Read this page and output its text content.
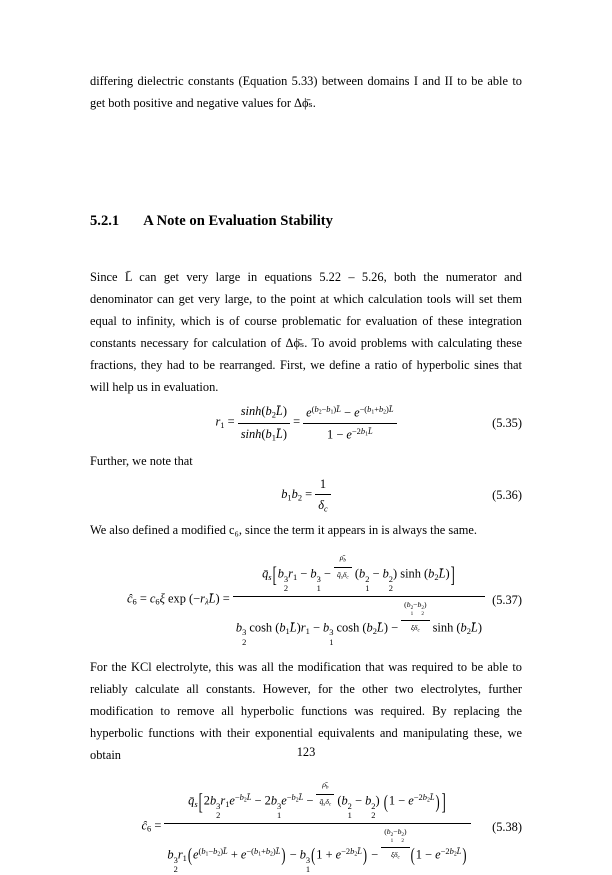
differing dielectric constants (Equation 5.33) between domains I and II to be able to get both positive and negative values for Δϕ̄ₛ.

5.2.1 A Note on Evaluation Stability

Since L̄ can get very large in equations 5.22 – 5.26, both the numerator and denominator can get very large, to the point at which calculation tools will set them equal to infinity, which is of course problematic for evaluation of these integration constants necessary for calculation of Δϕ̄ₛ. To avoid problems with calculating these fractions, they had to be rearranged. First, we define a ratio of hyperbolic sines that will help us in evaluation.

$r1 = \frac{\sinh(b2L̄)}{\sinh(b1L̄)} = \frac{e^{(b2-b1)L̄} - e^{-(b1+b2)L̄}}{1 - e^{-2b1L̄}}$	(5.35)

Further, we note that

$b1b2 = \frac{1}{\delta c}$	(5.36)

We also defined a modified c₆, since the term it appears in is always the same.

ĉ6 = c6ξ exp (−rλL̄) =
q̄s[b 3
2
r1 − b 3
1
− $\frac{\rhōb}{\text{q̄sδc}} (b$ 2
1
− b 2
2
) sinh (b2L̄)]
b 3
2
cosh (b1L̄)r1 − b 3
1
cosh (b2L̄) − (b 2
1
−b 2
2
)
ξδc sinh (b2L̄)
(5.37)

For the KCl electrolyte, this was all the modification that was required to be able to reliably calculate all constants. However, for the other two electrolytes, further modification to remove all hyperbolic functions was required. By replacing the hyperbolic functions with their exponential equivalents and manipulating these, we obtain

ĉ6 =
q̄s[2b 3
2
$r1e^{-b2L̄} - 2b$ 3
1
$e^{-b2L̄} - \frac{\rhōb}{\text{q̄sδc}} (b$ 2
1
− b 2
2
) $(1 - e^{-2b2L̄})$ ]
b 3
2
$r1(e^{(b1-b2)L̄} + e^{-(b1+b2)L̄}) - b$ 3
1
$(1 + e^{-2b2L̄}) - (b$ 2
1
−b 2
2
)
ξδc $(1 - e^{-2b2L̄})$
(5.38)
123
